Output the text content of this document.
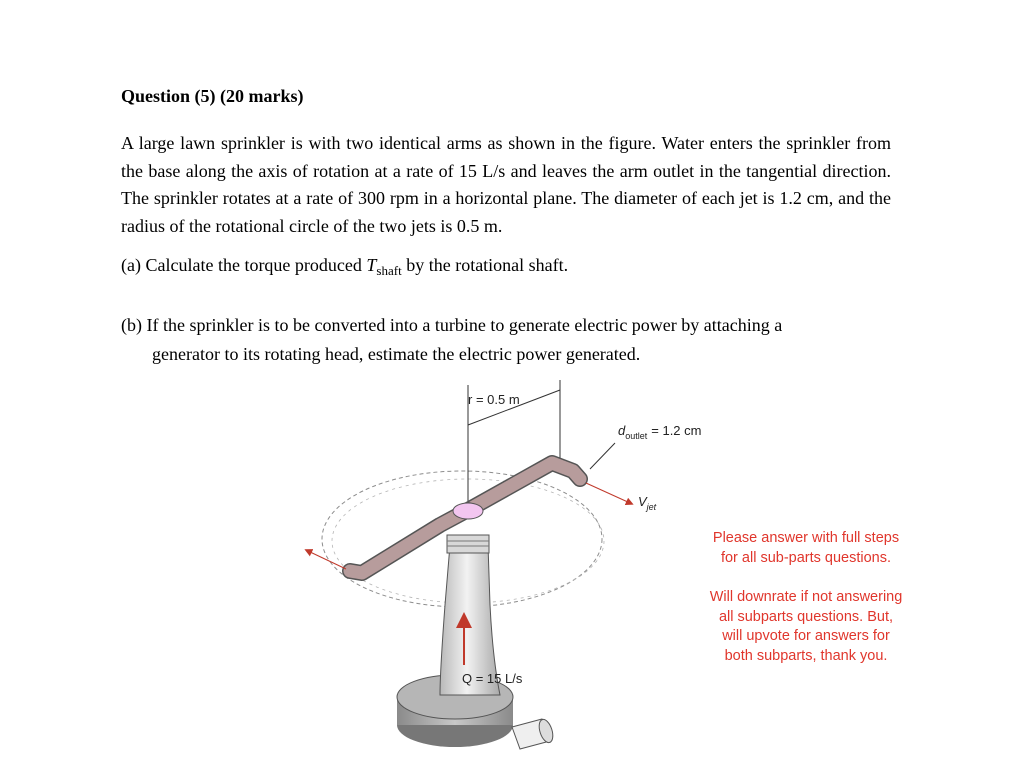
Question (5) (20 marks)
A large lawn sprinkler is with two identical arms as shown in the figure. Water enters the sprinkler from the base along the axis of rotation at a rate of 15 L/s and leaves the arm outlet in the tangential direction. The sprinkler rotates at a rate of 300 rpm in a horizontal plane. The diameter of each jet is 1.2 cm, and the radius of the rotational circle of the two jets is 0.5 m.
(a) Calculate the torque produced $T_{shaft}$ by the rotational shaft.
(b) If the sprinkler is to be converted into a turbine to generate electric power by attaching a
generator to its rotating head, estimate the electric power generated.
r = 0.5 m
$d_{outlet} = 1.2$ cm
$V_{jet}$
Q = 15 L/s
Please answer with full steps
for all sub-parts questions.
Will downrate if not answering
all subparts questions. But,
will upvote for answers for
both subparts, thank you.
